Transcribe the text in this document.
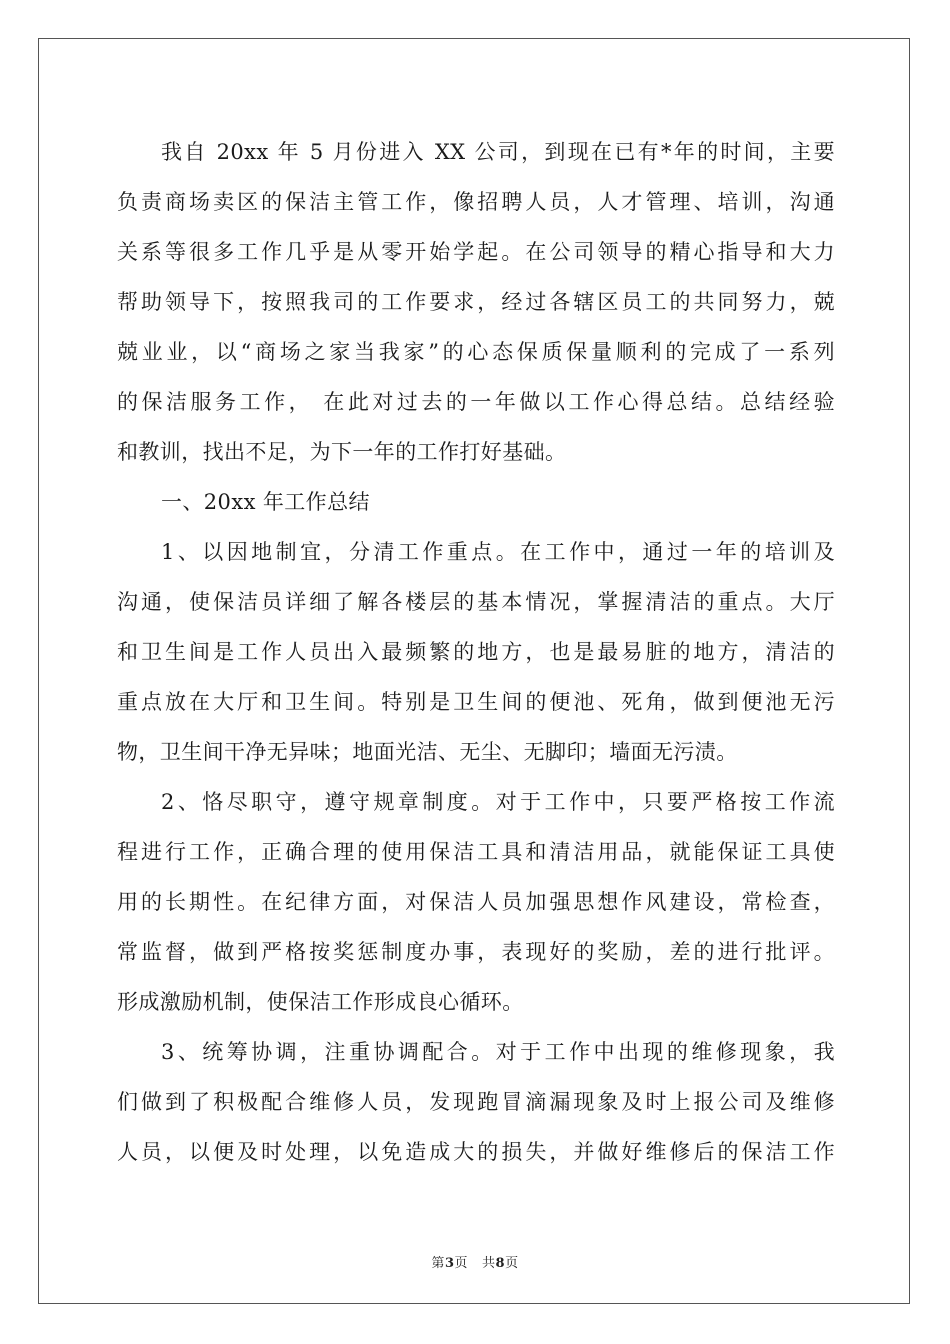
我自 20xx 年 5 月份进入 XX 公司，到现在已有*年的时间，主要
负责商场卖区的保洁主管工作，像招聘人员，人才管理、培训，沟通
关系等很多工作几乎是从零开始学起。在公司领导的精心指导和大力
帮助领导下，按照我司的工作要求，经过各辖区员工的共同努力，兢
兢业业，以“商场之家当我家”的心态保质保量顺利的完成了一系列
的保洁服务工作， 在此对过去的一年做以工作心得总结。总结经验
和教训，找出不足，为下一年的工作打好基础。
一、20xx 年工作总结
1、以因地制宜，分清工作重点。在工作中，通过一年的培训及
沟通，使保洁员详细了解各楼层的基本情况，掌握清洁的重点。大厅
和卫生间是工作人员出入最频繁的地方，也是最易脏的地方，清洁的
重点放在大厅和卫生间。特别是卫生间的便池、死角，做到便池无污
物，卫生间干净无异味；地面光洁、无尘、无脚印；墙面无污渍。
2、恪尽职守，遵守规章制度。对于工作中，只要严格按工作流
程进行工作，正确合理的使用保洁工具和清洁用品，就能保证工具使
用的长期性。在纪律方面，对保洁人员加强思想作风建设，常检查，
常监督，做到严格按奖惩制度办事，表现好的奖励，差的进行批评。
形成激励机制，使保洁工作形成良心循环。
3、统筹协调，注重协调配合。对于工作中出现的维修现象，我
们做到了积极配合维修人员，发现跑冒滴漏现象及时上报公司及维修
人员，以便及时处理，以免造成大的损失，并做好维修后的保洁工作
第3页 共8页
